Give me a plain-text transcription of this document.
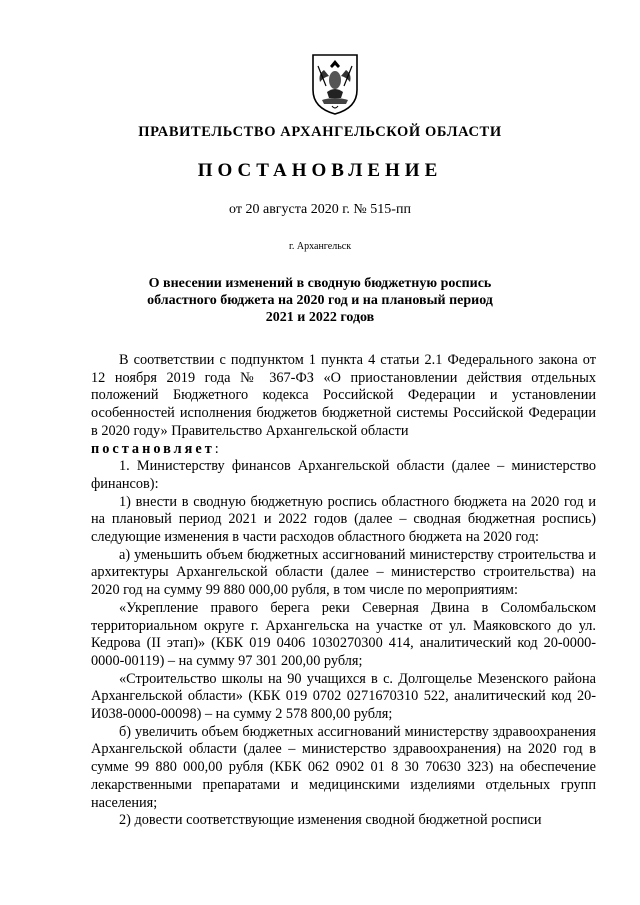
ПРАВИТЕЛЬСТВО АРХАНГЕЛЬСКОЙ ОБЛАСТИ

ПОСТАНОВЛЕНИЕ

от 20 августа 2020 г. № 515-пп

г. Архангельск

О внесении изменений в сводную бюджетную роспись
областного бюджета на 2020 год и на плановый период
2021 и 2022 годов

В соответствии с подпунктом 1 пункта 4 статьи 2.1 Федерального закона от 12 ноября 2019 года № 367-ФЗ «О приостановлении действия отдельных положений Бюджетного кодекса Российской Федерации и установлении особенностей исполнения бюджетов бюджетной системы Российской Федерации в 2020 году» Правительство Архангельской области

постановляет:

1. Министерству финансов Архангельской области (далее – министерство финансов):

1) внести в сводную бюджетную роспись областного бюджета на 2020 год и на плановый период 2021 и 2022 годов (далее – сводная бюджетная роспись) следующие изменения в части расходов областного бюджета на 2020 год:

а) уменьшить объем бюджетных ассигнований министерству строительства и архитектуры Архангельской области (далее – министерство строительства) на 2020 год на сумму 99 880 000,00 рубля, в том числе по мероприятиям:

«Укрепление правого берега реки Северная Двина в Соломбальском территориальном округе г. Архангельска на участке от ул. Маяковского до ул. Кедрова (II этап)» (КБК 019 0406 1030270300 414, аналитический код 20-0000-0000-00119) – на сумму 97 301 200,00 рубля;

«Строительство школы на 90 учащихся в с. Долгощелье Мезенского района Архангельской области» (КБК 019 0702 0271670310 522, аналитический код 20-И038-0000-00098) – на сумму 2 578 800,00 рубля;

б) увеличить объем бюджетных ассигнований министерству здравоохранения Архангельской области (далее – министерство здравоохранения) на 2020 год в сумме 99 880 000,00 рубля (КБК 062 0902 01 8 30 70630 323) на обеспечение лекарственными препаратами и медицинскими изделиями отдельных групп населения;

2) довести соответствующие изменения сводной бюджетной росписи
